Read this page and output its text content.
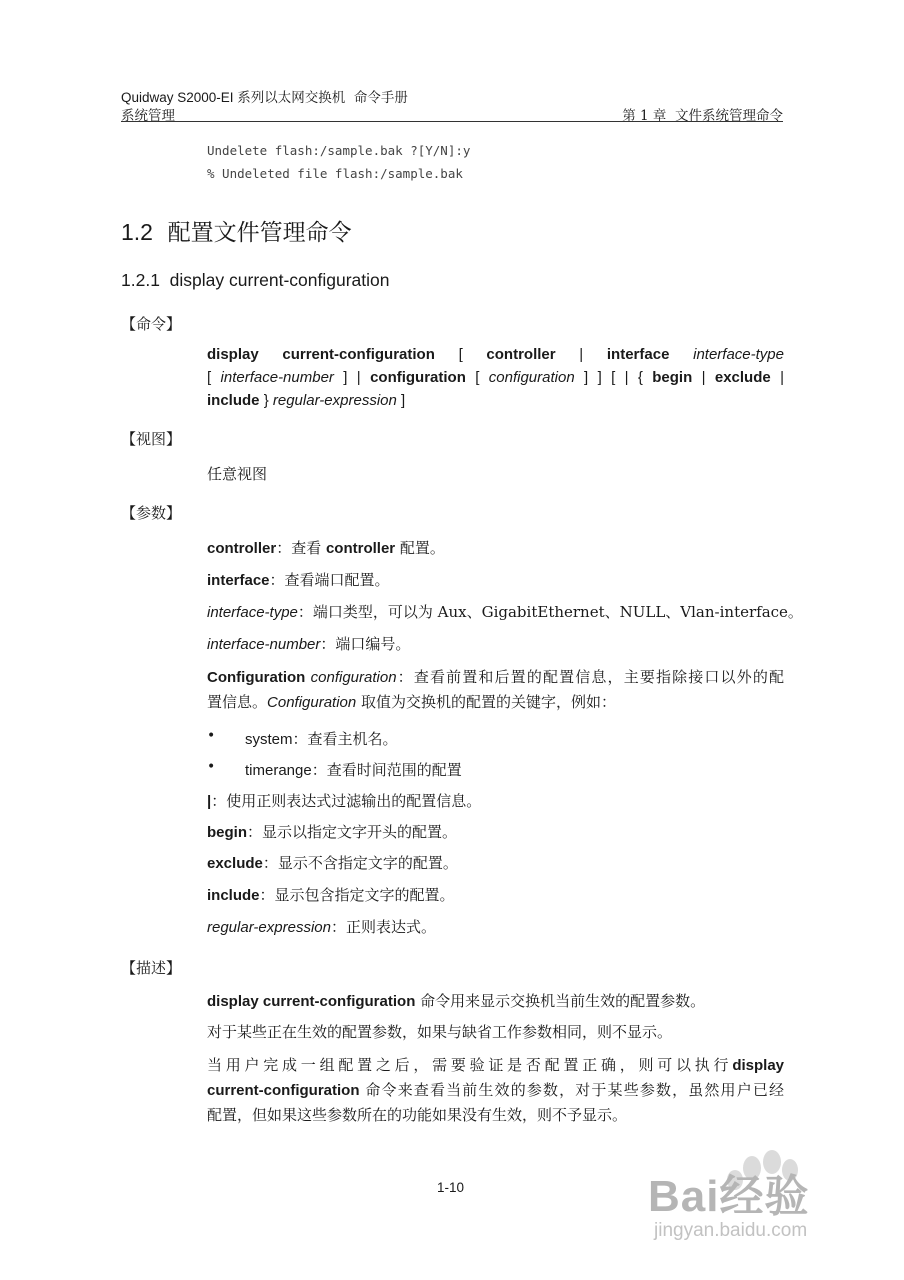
Quidway S2000-EI 系列以太网交换机 命令手册
系统管理	第 1 章 文件系统管理命令
Undelete flash:/sample.bak ?[Y/N]:y
% Undeleted file flash:/sample.bak
1.2 配置文件管理命令
1.2.1 display current-configuration
【命令】
display current-configuration [ controller | interface interface-type
[ interface-number ] | configuration [ configuration ] ] [ | { begin | exclude |
include } regular-expression ]
【视图】
任意视图
【参数】
controller：查看 controller 配置。
interface：查看端口配置。
interface-type：端口类型，可以为 Aux、GigabitEthernet、NULL、Vlan-interface。
interface-number：端口编号。
Configuration configuration：查看前置和后置的配置信息，主要指除接口以外的配
置信息。Configuration 取值为交换机的配置的关键字，例如：
• system：查看主机名。
• timerange：查看时间范围的配置
|：使用正则表达式过滤输出的配置信息。
begin：显示以指定文字开头的配置。
exclude：显示不含指定文字的配置。
include：显示包含指定文字的配置。
regular-expression：正则表达式。
【描述】
display current-configuration 命令用来显示交换机当前生效的配置参数。
对于某些正在生效的配置参数，如果与缺省工作参数相同，则不显示。
当用户完成一组配置之后，需要验证是否配置正确，则可以执行display
current-configuration 命令来查看当前生效的参数，对于某些参数，虽然用户已经
配置，但如果这些参数所在的功能如果没有生效，则不予显示。
1-10	Bai经验
jingyan.baidu.com
